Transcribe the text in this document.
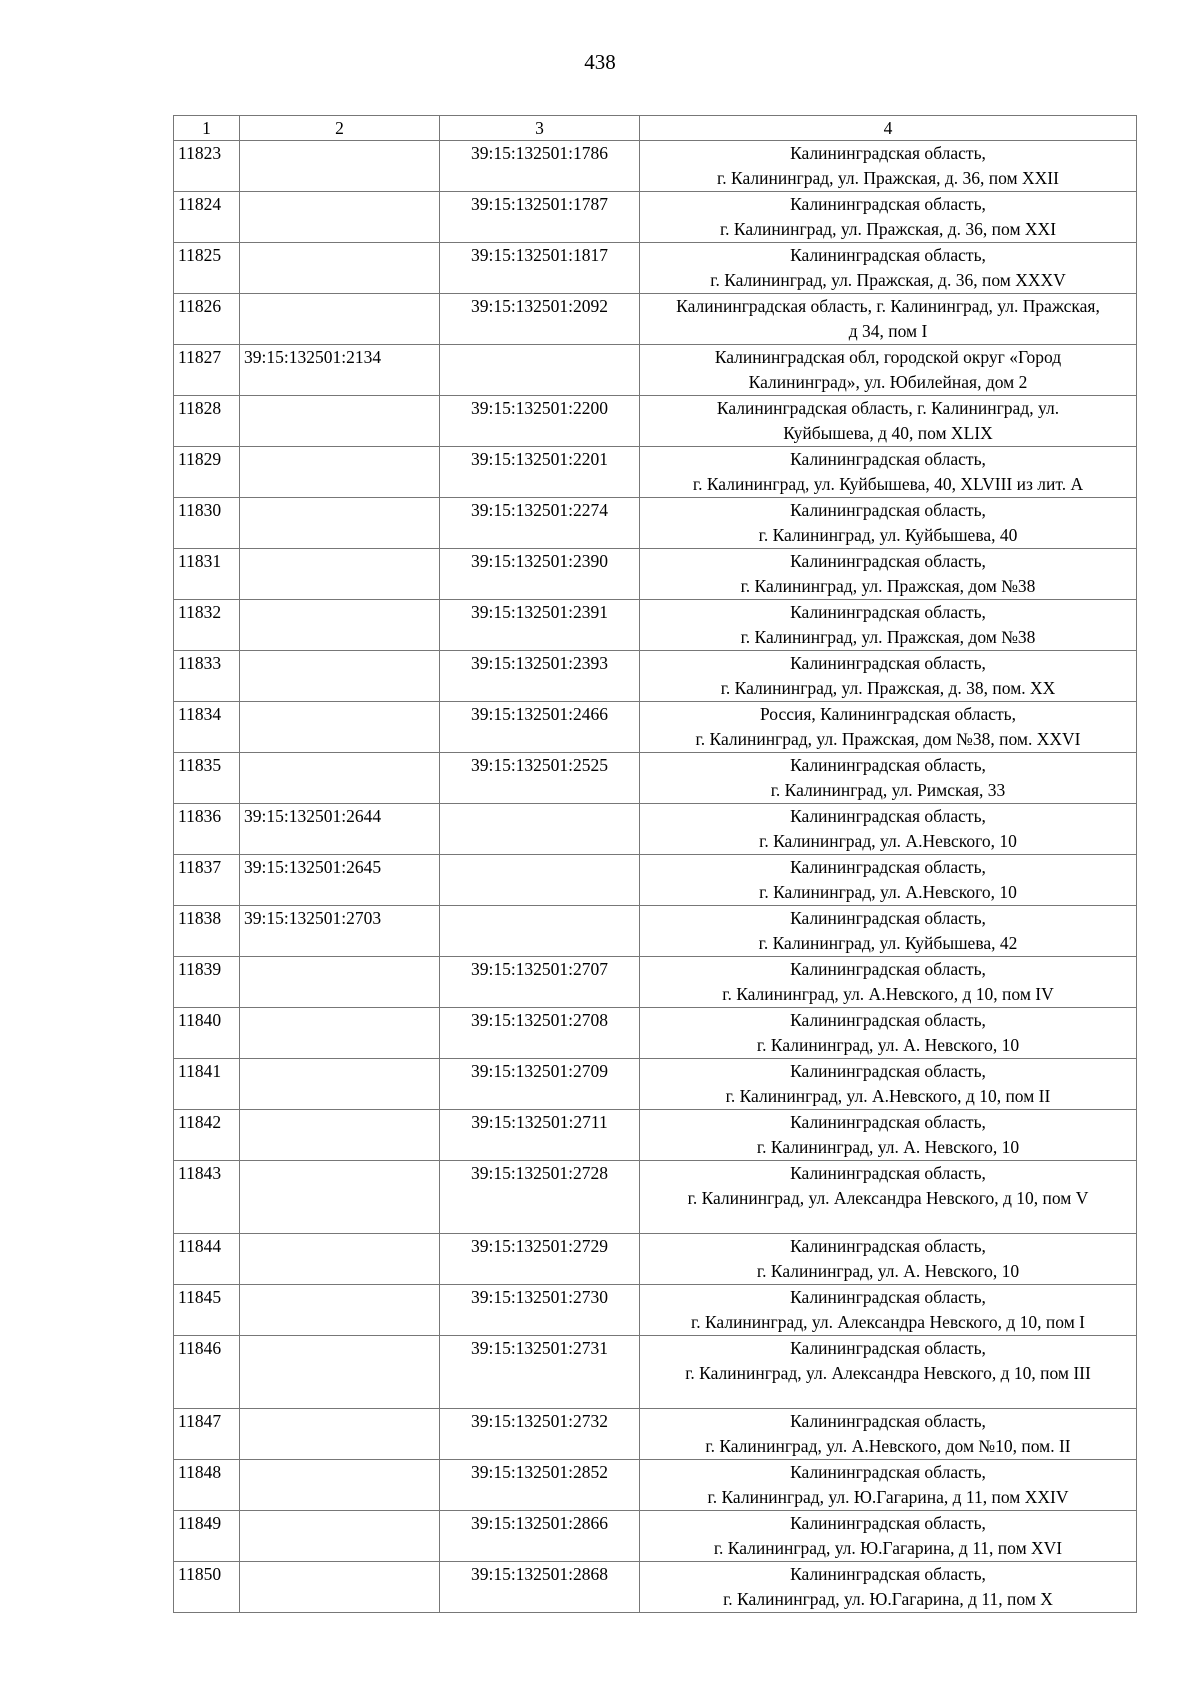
438
1	2	3	4
11823		39:15:132501:1786	Калининградская область,
г. Калининград, ул. Пражская, д. 36, пом XXII

11824		39:15:132501:1787	Калининградская область,
г. Калининград, ул. Пражская, д. 36, пом XXI

11825		39:15:132501:1817	Калининградская область,
г. Калининград, ул. Пражская, д. 36, пом XXXV

11826		39:15:132501:2092	Калининградская область, г. Калининград, ул. Пражская,
д 34, пом I

11827	39:15:132501:2134		Калининградская обл, городской округ «Город
Калининград», ул. Юбилейная, дом 2

11828		39:15:132501:2200	Калининградская область, г. Калининград, ул.
Куйбышева, д 40, пом XLIX

11829		39:15:132501:2201	Калининградская область,
г. Калининград, ул. Куйбышева, 40, XLVIII из лит. А

11830		39:15:132501:2274	Калининградская область,
г. Калининград, ул. Куйбышева, 40

11831		39:15:132501:2390	Калининградская область,
г. Калининград, ул. Пражская, дом №38

11832		39:15:132501:2391	Калининградская область,
г. Калининград, ул. Пражская, дом №38

11833		39:15:132501:2393	Калининградская область,
г. Калининград, ул. Пражская, д. 38, пом. XX

11834		39:15:132501:2466	Россия, Калининградская область,
г. Калининград, ул. Пражская, дом №38, пом. XXVI

11835		39:15:132501:2525	Калининградская область,
г. Калининград, ул. Римская, 33

11836	39:15:132501:2644		Калининградская область,
г. Калининград, ул. А.Невского, 10

11837	39:15:132501:2645		Калининградская область,
г. Калининград, ул. А.Невского, 10

11838	39:15:132501:2703		Калининградская область,
г. Калининград, ул. Куйбышева, 42

11839		39:15:132501:2707	Калининградская область,
г. Калининград, ул. А.Невского, д 10, пом IV

11840		39:15:132501:2708	Калининградская область,
г. Калининград, ул. А. Невского, 10

11841		39:15:132501:2709	Калининградская область,
г. Калининград, ул. А.Невского, д 10, пом II

11842		39:15:132501:2711	Калининградская область,
г. Калининград, ул. А. Невского, 10

11843		39:15:132501:2728	Калининградская область,
г. Калининград, ул. Александра Невского, д 10, пом V

11844		39:15:132501:2729	Калининградская область,
г. Калининград, ул. А. Невского, 10

11845		39:15:132501:2730	Калининградская область,
г. Калининград, ул. Александра Невского, д 10, пом I

11846		39:15:132501:2731	Калининградская область,
г. Калининград, ул. Александра Невского, д 10, пом III

11847		39:15:132501:2732	Калининградская область,
г. Калининград, ул. А.Невского, дом №10, пом. II

11848		39:15:132501:2852	Калининградская область,
г. Калининград, ул. Ю.Гагарина, д 11, пом XXIV

11849		39:15:132501:2866	Калининградская область,
г. Калининград, ул. Ю.Гагарина, д 11, пом XVI

11850		39:15:132501:2868	Калининградская область,
г. Калининград, ул. Ю.Гагарина, д 11, пом X
